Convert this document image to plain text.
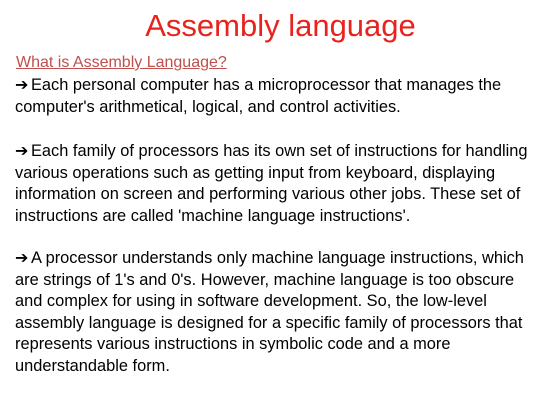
Assembly language
What is Assembly Language?

➔ Each personal computer has a microprocessor that manages the computer's arithmetical, logical, and control activities.

➔ Each family of processors has its own set of instructions for handling various operations such as getting input from keyboard, displaying information on screen and performing various other jobs. These set of instructions are called 'machine language instructions'.

➔ A processor understands only machine language instructions, which are strings of 1's and 0's. However, machine language is too obscure and complex for using in software development. So, the low-level assembly language is designed for a specific family of processors that represents various instructions in symbolic code and a more understandable form.
